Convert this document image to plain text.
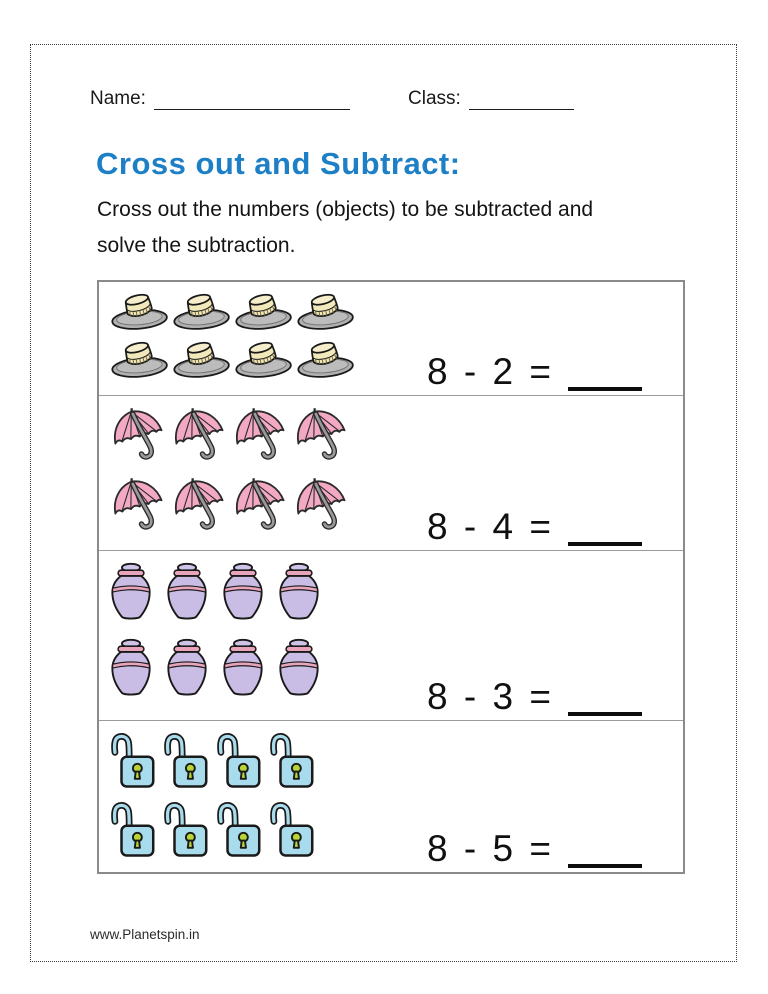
Name:	Class:
Cross out and Subtract:
Cross out the numbers (objects) to be subtracted and
solve the subtraction.
8 - 2 =
8 - 4 =
8 - 3 =
8 - 5 =
www.Planetspin.in
